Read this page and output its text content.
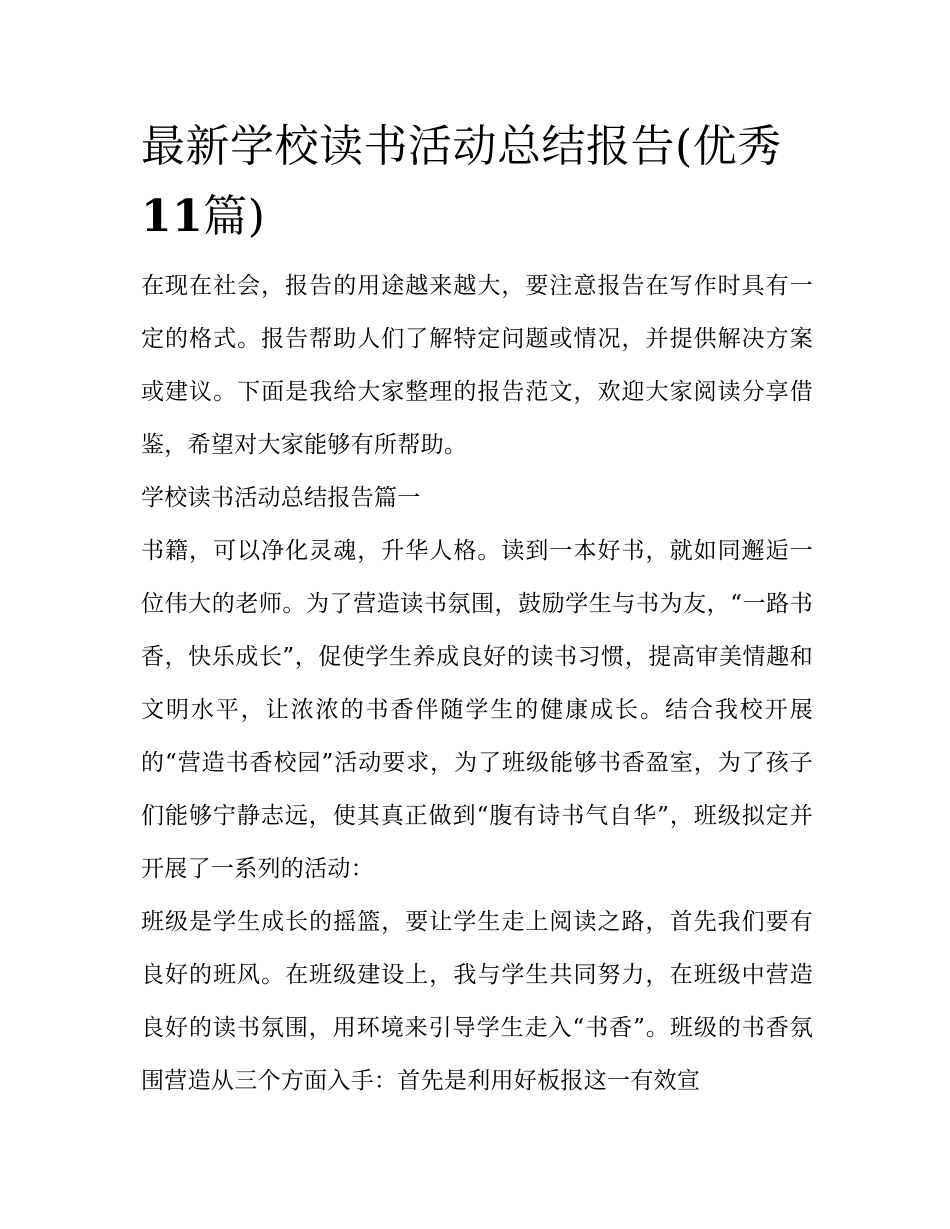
最新学校读书活动总结报告(优秀
11篇)

在现在社会，报告的用途越来越大，要注意报告在写作时具有一定的格式。报告帮助人们了解特定问题或情况，并提供解决方案或建议。下面是我给大家整理的报告范文，欢迎大家阅读分享借鉴，希望对大家能够有所帮助。

学校读书活动总结报告篇一

书籍，可以净化灵魂，升华人格。读到一本好书，就如同邂逅一位伟大的老师。为了营造读书氛围，鼓励学生与书为友，“一路书香，快乐成长”，促使学生养成良好的读书习惯，提高审美情趣和文明水平，让浓浓的书香伴随学生的健康成长。结合我校开展的“营造书香校园”活动要求，为了班级能够书香盈室，为了孩子们能够宁静志远，使其真正做到“腹有诗书气自华”，班级拟定并开展了一系列的活动：

班级是学生成长的摇篮，要让学生走上阅读之路，首先我们要有良好的班风。在班级建设上，我与学生共同努力，在班级中营造良好的读书氛围，用环境来引导学生走入“书香”。班级的书香氛围营造从三个方面入手：首先是利用好板报这一有效宣
